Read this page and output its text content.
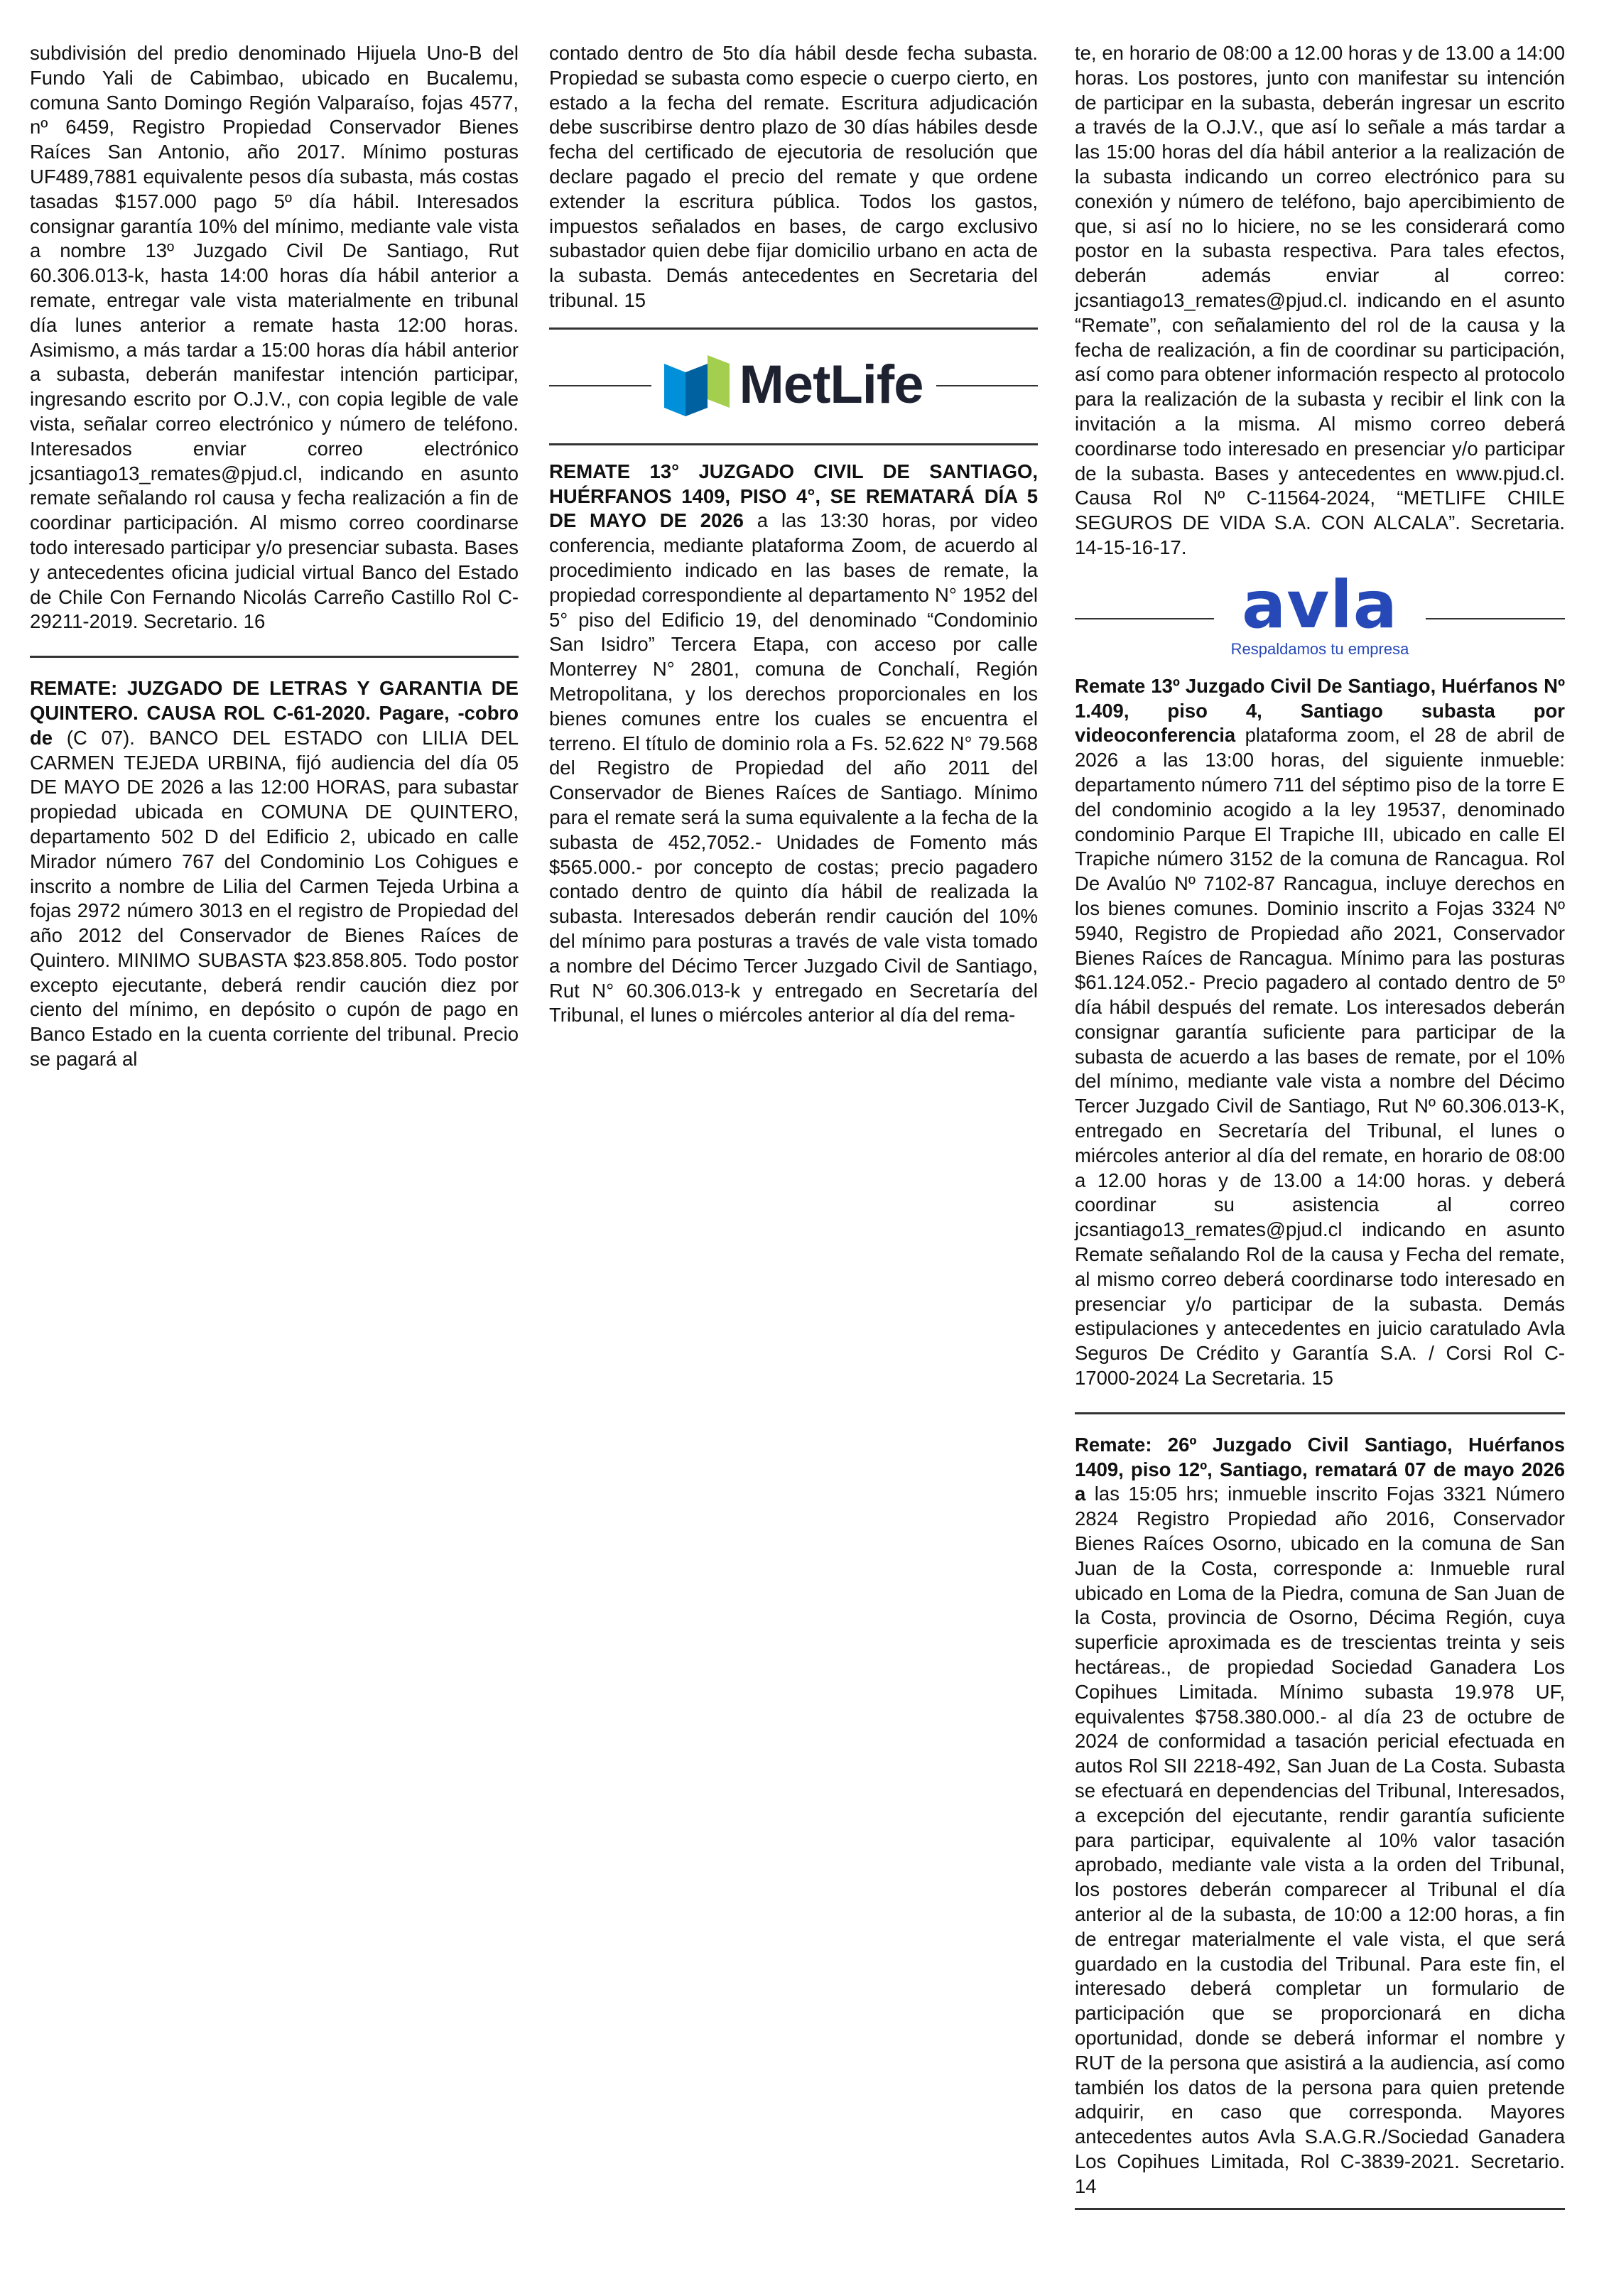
subdivisión del predio denominado Hijuela Uno-B del Fundo Yali de Cabimbao, ubicado en Bucalemu, comuna Santo Domingo Región Valparaíso, fojas 4577, nº 6459, Registro Propiedad Conservador Bienes Raíces San Antonio, año 2017. Mínimo posturas UF489,7881 equivalente pesos día subasta, más costas tasadas $157.000 pago 5º día hábil. Interesados consignar garantía 10% del mínimo, mediante vale vista a nombre 13º Juzgado Civil De Santiago, Rut 60.306.013-k, hasta 14:00 horas día hábil anterior a remate, entregar vale vista materialmente en tribunal día lunes anterior a remate hasta 12:00 horas. Asimismo, a más tardar a 15:00 horas día hábil anterior a subasta, deberán manifestar intención participar, ingresando escrito por O.J.V., con copia legible de vale vista, señalar correo electrónico y número de teléfono. Interesados enviar correo electrónico jcsantiago13_remates@pjud.cl, indicando en asunto remate señalando rol causa y fecha realización a fin de coordinar participación. Al mismo correo coordinarse todo interesado participar y/o presenciar subasta. Bases y antecedentes oficina judicial virtual Banco del Estado de Chile Con Fernando Nicolás Carreño Castillo Rol C-29211-2019. Secretario. 16

REMATE: JUZGADO DE LETRAS Y GARANTIA DE QUINTERO. CAUSA ROL C-61-2020. Pagare, -cobro de (C 07). BANCO DEL ESTADO con LILIA DEL CARMEN TEJEDA URBINA, fijó audiencia del día 05 DE MAYO DE 2026 a las 12:00 HORAS, para subastar propiedad ubicada en COMUNA DE QUINTERO, departamento 502 D del Edificio 2, ubicado en calle Mirador número 767 del Condominio Los Cohigues e inscrito a nombre de Lilia del Carmen Tejeda Urbina a fojas 2972 número 3013 en el registro de Propiedad del año 2012 del Conservador de Bienes Raíces de Quintero. MINIMO SUBASTA $23.858.805. Todo postor excepto ejecutante, deberá rendir caución diez por ciento del mínimo, en depósito o cupón de pago en Banco Estado en la cuenta corriente del tribunal. Precio se pagará al

contado dentro de 5to día hábil desde fecha subasta. Propiedad se subasta como especie o cuerpo cierto, en estado a la fecha del remate. Escritura adjudicación debe suscribirse dentro plazo de 30 días hábiles desde fecha del certificado de ejecutoria de resolución que declare pagado el precio del remate y que ordene extender la escritura pública. Todos los gastos, impuestos señalados en bases, de cargo exclusivo subastador quien debe fijar domicilio urbano en acta de la subasta. Demás antecedentes en Secretaria del tribunal. 15

MetLife

REMATE 13° JUZGADO CIVIL DE SANTIAGO, HUÉRFANOS 1409, PISO 4°, SE REMATARÁ DÍA 5 DE MAYO DE 2026 a las 13:30 horas, por video conferencia, mediante plataforma Zoom, de acuerdo al procedimiento indicado en las bases de remate, la propiedad correspondiente al departamento N° 1952 del 5° piso del Edificio 19, del denominado “Condominio San Isidro” Tercera Etapa, con acceso por calle Monterrey N° 2801, comuna de Conchalí, Región Metropolitana, y los derechos proporcionales en los bienes comunes entre los cuales se encuentra el terreno. El título de dominio rola a Fs. 52.622 N° 79.568 del Registro de Propiedad del año 2011 del Conservador de Bienes Raíces de Santiago. Mínimo para el remate será la suma equivalente a la fecha de la subasta de 452,7052.- Unidades de Fomento más $565.000.- por concepto de costas; precio pagadero contado dentro de quinto día hábil de realizada la subasta. Interesados deberán rendir caución del 10% del mínimo para posturas a través de vale vista tomado a nombre del Décimo Tercer Juzgado Civil de Santiago, Rut N° 60.306.013-k y entregado en Secretaría del Tribunal, el lunes o miércoles anterior al día del rema-

te, en horario de 08:00 a 12.00 horas y de 13.00 a 14:00 horas. Los postores, junto con manifestar su intención de participar en la subasta, deberán ingresar un escrito a través de la O.J.V., que así lo señale a más tardar a las 15:00 horas del día hábil anterior a la realización de la subasta indicando un correo electrónico para su conexión y número de teléfono, bajo apercibimiento de que, si así no lo hiciere, no se les considerará como postor en la subasta respectiva. Para tales efectos, deberán además enviar al correo: jcsantiago13_remates@pjud.cl. indicando en el asunto “Remate”, con señalamiento del rol de la causa y la fecha de realización, a fin de coordinar su participación, así como para obtener información respecto al protocolo para la realización de la subasta y recibir el link con la invitación a la misma. Al mismo correo deberá coordinarse todo interesado en presenciar y/o participar de la subasta. Bases y antecedentes en www.pjud.cl. Causa Rol Nº C-11564-2024, “METLIFE CHILE SEGUROS DE VIDA S.A. CON ALCALA”. Secretaria. 14-15-16-17.

avla
Respaldamos tu empresa

Remate 13º Juzgado Civil De Santiago, Huérfanos Nº 1.409, piso 4, Santiago subasta por videoconferencia plataforma zoom, el 28 de abril de 2026 a las 13:00 horas, del siguiente inmueble: departamento número 711 del séptimo piso de la torre E del condominio acogido a la ley 19537, denominado condominio Parque El Trapiche III, ubicado en calle El Trapiche número 3152 de la comuna de Rancagua. Rol De Avalúo Nº 7102-87 Rancagua, incluye derechos en los bienes comunes. Dominio inscrito a Fojas 3324 Nº 5940, Registro de Propiedad año 2021, Conservador Bienes Raíces de Rancagua. Mínimo para las posturas $61.124.052.- Precio pagadero al contado dentro de 5º día hábil después del remate. Los interesados deberán consignar garantía suficiente para participar de la subasta de acuerdo a las bases de remate, por el 10% del mínimo, mediante vale vista a nombre del Décimo Tercer Juzgado Civil de Santiago, Rut Nº 60.306.013-K, entregado en Secretaría del Tribunal, el lunes o miércoles anterior al día del remate, en horario de 08:00 a 12.00 horas y de 13.00 a 14:00 horas. y deberá coordinar su asistencia al correo jcsantiago13_remates@pjud.cl indicando en asunto Remate señalando Rol de la causa y Fecha del remate, al mismo correo deberá coordinarse todo interesado en presenciar y/o participar de la subasta. Demás estipulaciones y antecedentes en juicio caratulado Avla Seguros De Crédito y Garantía S.A. / Corsi Rol C-17000-2024 La Secretaria. 15

Remate: 26º Juzgado Civil Santiago, Huérfanos 1409, piso 12º, Santiago, rematará 07 de mayo 2026 a las 15:05 hrs; inmueble inscrito Fojas 3321 Número 2824 Registro Propiedad año 2016, Conservador Bienes Raíces Osorno, ubicado en la comuna de San Juan de la Costa, corresponde a: Inmueble rural ubicado en Loma de la Piedra, comuna de San Juan de la Costa, provincia de Osorno, Décima Región, cuya superficie aproximada es de trescientas treinta y seis hectáreas., de propiedad Sociedad Ganadera Los Copihues Limitada. Mínimo subasta 19.978 UF, equivalentes $758.380.000.- al día 23 de octubre de 2024 de conformidad a tasación pericial efectuada en autos Rol SII 2218-492, San Juan de La Costa. Subasta se efectuará en dependencias del Tribunal, Interesados, a excepción del ejecutante, rendir garantía suficiente para participar, equivalente al 10% valor tasación aprobado, mediante vale vista a la orden del Tribunal, los postores deberán comparecer al Tribunal el día anterior al de la subasta, de 10:00 a 12:00 horas, a fin de entregar materialmente el vale vista, el que será guardado en la custodia del Tribunal. Para este fin, el interesado deberá completar un formulario de participación que se proporcionará en dicha oportunidad, donde se deberá informar el nombre y RUT de la persona que asistirá a la audiencia, así como también los datos de la persona para quien pretende adquirir, en caso que corresponda. Mayores antecedentes autos Avla S.A.G.R./Sociedad Ganadera Los Copihues Limitada, Rol C-3839-2021. Secretario. 14
